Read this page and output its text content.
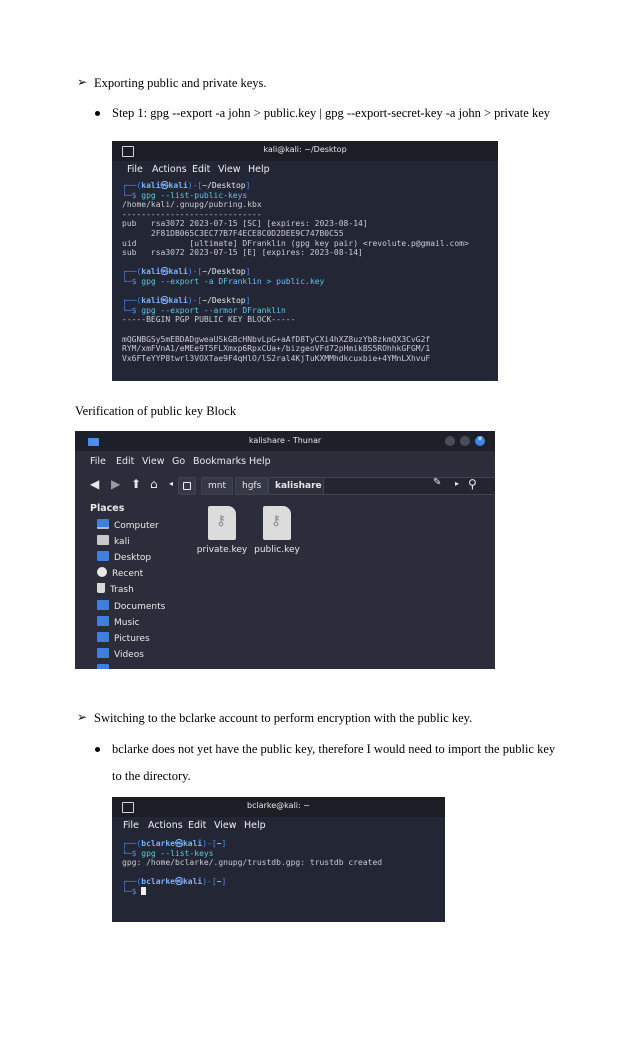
➢ Exporting public and private keys.
Step 1: gpg --export -a john > public.key | gpg --export-secret-key -a john > private key
kali@kali: ~/Desktop
File Actions Edit View Help
┌──(kali㉿kali)-[~/Desktop]
└─$ gpg --list-public-keys
/home/kali/.gnupg/pubring.kbx
-----------------------------
pub   rsa3072 2023-07-15 [SC] [expires: 2023-08-14]
2F81DB065C3EC77B7F4ECE8C0D2DEE9C747B0C55
uid           [ultimate] DFranklin (gpg key pair) <revolute.p@gmail.com>
sub   rsa3072 2023-07-15 [E] [expires: 2023-08-14]
┌──(kali㉿kali)-[~/Desktop]
└─$ gpg --export -a DFranklin > public.key
┌──(kali㉿kali)-[~/Desktop]
└─$ gpg --export --armor DFranklin
-----BEGIN PGP PUBLIC KEY BLOCK-----
mQGNBGSy5mEBDADgweaUSkGBcHNbvLpG+aAfD8TyCXi4hXZ8uzYb8zkmQX3CvG2f
RYM/xmFVnA1/eMEe9T5FLXmxp6RpxCUa+/bizgeoVFd72pHmikBS5ROhhkGFGM/1
Vx6FTeYYP8twrl3VOXTae9F4qHlO/lS2ral4KjTuKXMMhdkcuxbie+4YMnLXhvuF
Verification of public key Block
kalishare - Thunar
✕
File Edit View Go Bookmarks Help
◀ ▶ ⬆ ⌂ ◂	mnt	hgfs	kalishare	✎ ▸ ⚲
Places
Computer
kali
Desktop
Recent
Trash
Documents
Music
Pictures
Videos
⚷
private.key
⚷ public.key
➢ Switching to the bclarke account to perform encryption with the public key.
bclarke does not yet have the public key, therefore I would need to import the public key
to the directory.
bclarke@kali: ~
File Actions Edit View Help
┌──(bclarke㉿kali)-[~]
└─$ gpg --list-keys
gpg: /home/bclarke/.gnupg/trustdb.gpg: trustdb created
┌──(bclarke㉿kali)-[~]
└─$
